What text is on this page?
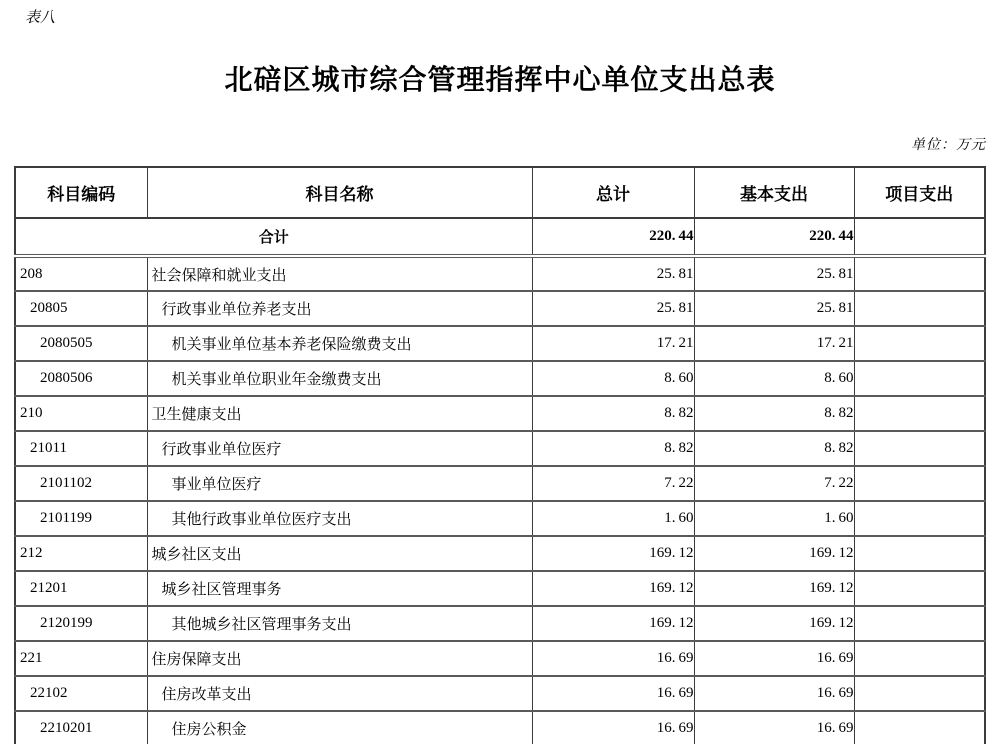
表八
北碚区城市综合管理指挥中心单位支出总表
单位：万元
科目编码	科目名称	总计	基本支出	项目支出
合计		220. 44	220. 44	
208	社会保障和就业支出	25. 81	25. 81	
20805	行政事业单位养老支出	25. 81	25. 81	
2080505	机关事业单位基本养老保险缴费支出	17. 21	17. 21	
2080506	机关事业单位职业年金缴费支出	8. 60	8. 60	
210	卫生健康支出	8. 82	8. 82	
21011	行政事业单位医疗	8. 82	8. 82	
2101102	事业单位医疗	7. 22	7. 22	
2101199	其他行政事业单位医疗支出	1. 60	1. 60	
212	城乡社区支出	169. 12	169. 12	
21201	城乡社区管理事务	169. 12	169. 12	
2120199	其他城乡社区管理事务支出	169. 12	169. 12	
221	住房保障支出	16. 69	16. 69	
22102	住房改革支出	16. 69	16. 69	
2210201	住房公积金	16. 69	16. 69	
